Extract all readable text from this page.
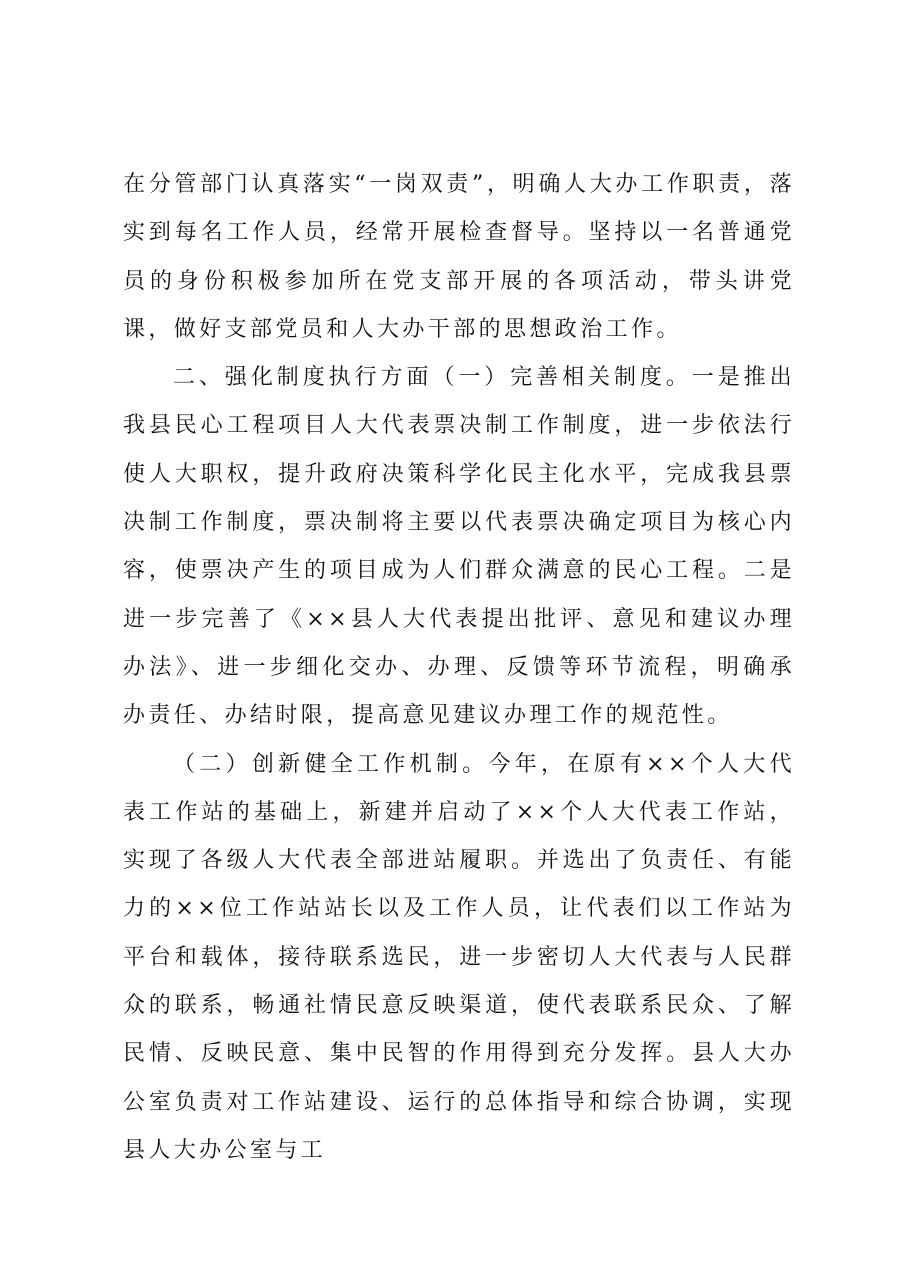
在分管部门认真落实“一岗双责”，明确人大办工作职责，落实到每名工作人员，经常开展检查督导。坚持以一名普通党员的身份积极参加所在党支部开展的各项活动，带头讲党课，做好支部党员和人大办干部的思想政治工作。

二、强化制度执行方面（一）完善相关制度。一是推出我县民心工程项目人大代表票决制工作制度，进一步依法行使人大职权，提升政府决策科学化民主化水平，完成我县票决制工作制度，票决制将主要以代表票决确定项目为核心内容，使票决产生的项目成为人们群众满意的民心工程。二是进一步完善了《××县人大代表提出批评、意见和建议办理办法》、进一步细化交办、办理、反馈等环节流程，明确承办责任、办结时限，提高意见建议办理工作的规范性。

（二）创新健全工作机制。今年，在原有××个人大代表工作站的基础上，新建并启动了××个人大代表工作站，实现了各级人大代表全部进站履职。并选出了负责任、有能力的××位工作站站长以及工作人员，让代表们以工作站为平台和载体，接待联系选民，进一步密切人大代表与人民群众的联系，畅通社情民意反映渠道，使代表联系民众、了解民情、反映民意、集中民智的作用得到充分发挥。县人大办公室负责对工作站建设、运行的总体指导和综合协调，实现县人大办公室与工
